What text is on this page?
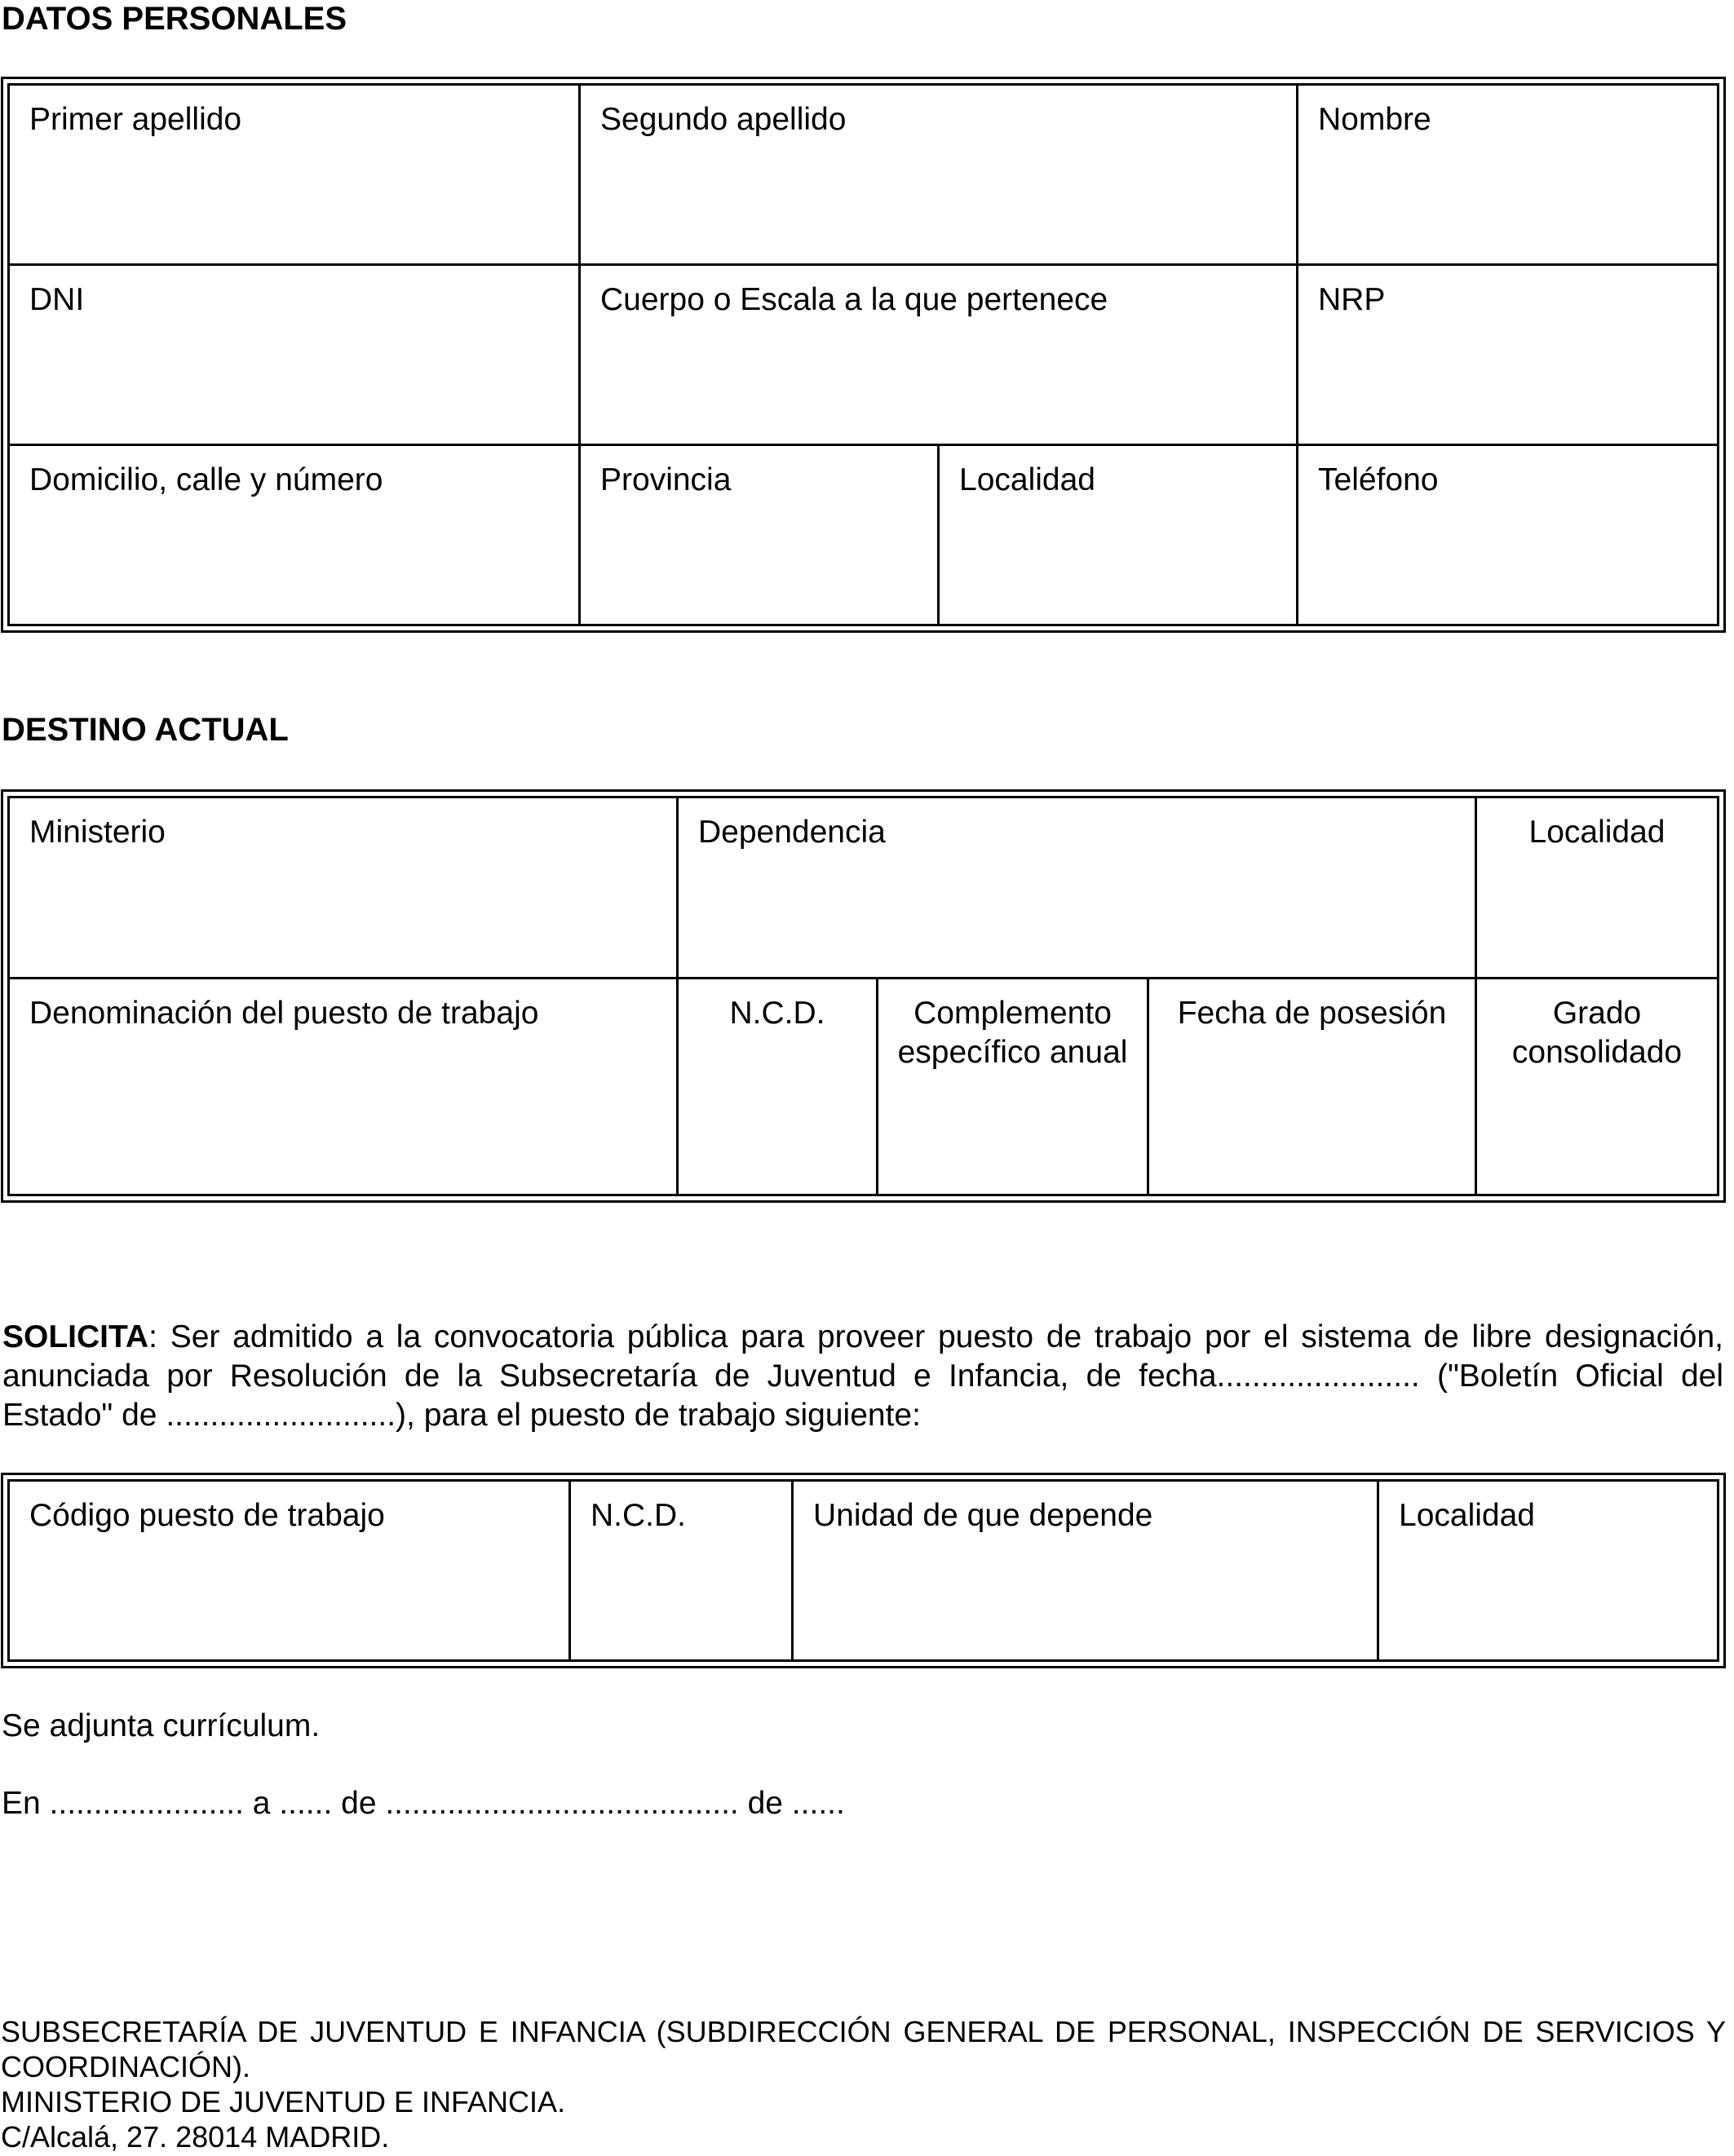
DATOS PERSONALES
Primer apellido	Segundo apellido		Nombre
DNI	Cuerpo o Escala a la que pertenece		NRP
Domicilio, calle y número	Provincia	Localidad	Teléfono
DESTINO ACTUAL
Ministerio	Dependencia			Localidad
Denominación del puesto de trabajo	N.C.D.	Complemento específico anual	Fecha de posesión	Grado consolidado

SOLICITA: Ser admitido a la convocatoria pública para proveer puesto de trabajo por el sistema de libre designación, anunciada por Resolución de la Subsecretaría de Juventud e Infancia, de fecha....................... ("Boletín Oficial del Estado" de ..........................), para el puesto de trabajo siguiente:

Código puesto de trabajo	N.C.D.	Unidad de que depende	Localidad

Se adjunta currículum.

En ...................... a ...... de ........................................ de ......

SUBSECRETARÍA DE JUVENTUD E INFANCIA (SUBDIRECCIÓN GENERAL DE PERSONAL, INSPECCIÓN DE SERVICIOS Y COORDINACIÓN).
MINISTERIO DE JUVENTUD E INFANCIA.
C/Alcalá, 27. 28014 MADRID.
